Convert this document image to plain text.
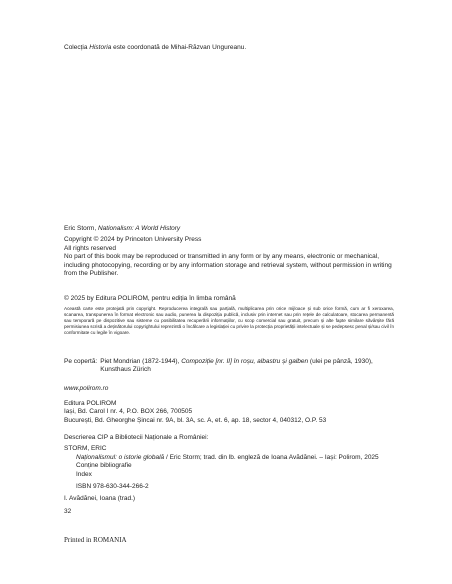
Colecția Historia este coordonată de Mihai-Răzvan Ungureanu.

Eric Storm, Nationalism: A World History

Copyright © 2024 by Princeton University Press

All rights reserved

No part of this book may be reproduced or transmitted in any form or by any means, electronic or mechanical, including photocopying, recording or by any information storage and retrieval system, without permission in writing from the Publisher.

© 2025 by Editura POLIROM, pentru ediția în limba română

Această carte este protejată prin copyright. Reproducerea integrală sau parțială, multiplicarea prin orice mijloace și sub orice formă, cum ar fi xeroxarea, scanarea, transpunerea în format electronic sau audio, punerea la dispoziția publică, inclusiv prin internet sau prin rețele de calculatoare, stocarea permanentă sau temporară pe dispozitive sau sisteme cu posibilitatea recuperării informațiilor, cu scop comercial sau gratuit, precum și alte fapte similare săvârșite fără permisiunea scrisă a deținătorului copyrightului reprezintă o încălcare a legislației cu privire la protecția proprietății intelectuale și se pedepsesc penal și/sau civil în conformitate cu legile în vigoare.

Pe copertă: Piet Mondrian (1872-1944), Compoziție [nr. II] în roșu, albastru și galben (ulei pe pânză, 1930), Kunsthaus Zürich

www.polirom.ro

Editura POLIROM

Iași, Bd. Carol I nr. 4, P.O. BOX 266, 700505

București, Bd. Gheorghe Șincai nr. 9A, bl. 3A, sc. A, et. 6, ap. 18, sector 4, 040312, O.P. 53

Descrierea CIP a Bibliotecii Naționale a României:

STORM, ERIC

Naționalismul: o istorie globală / Eric Storm; trad. din lb. engleză de Ioana Avădănei. – Iași: Polirom, 2025

Conține bibliografie

Index

ISBN 978-630-344-266-2

I. Avădănei, Ioana (trad.)

32

Printed in ROMANIA
